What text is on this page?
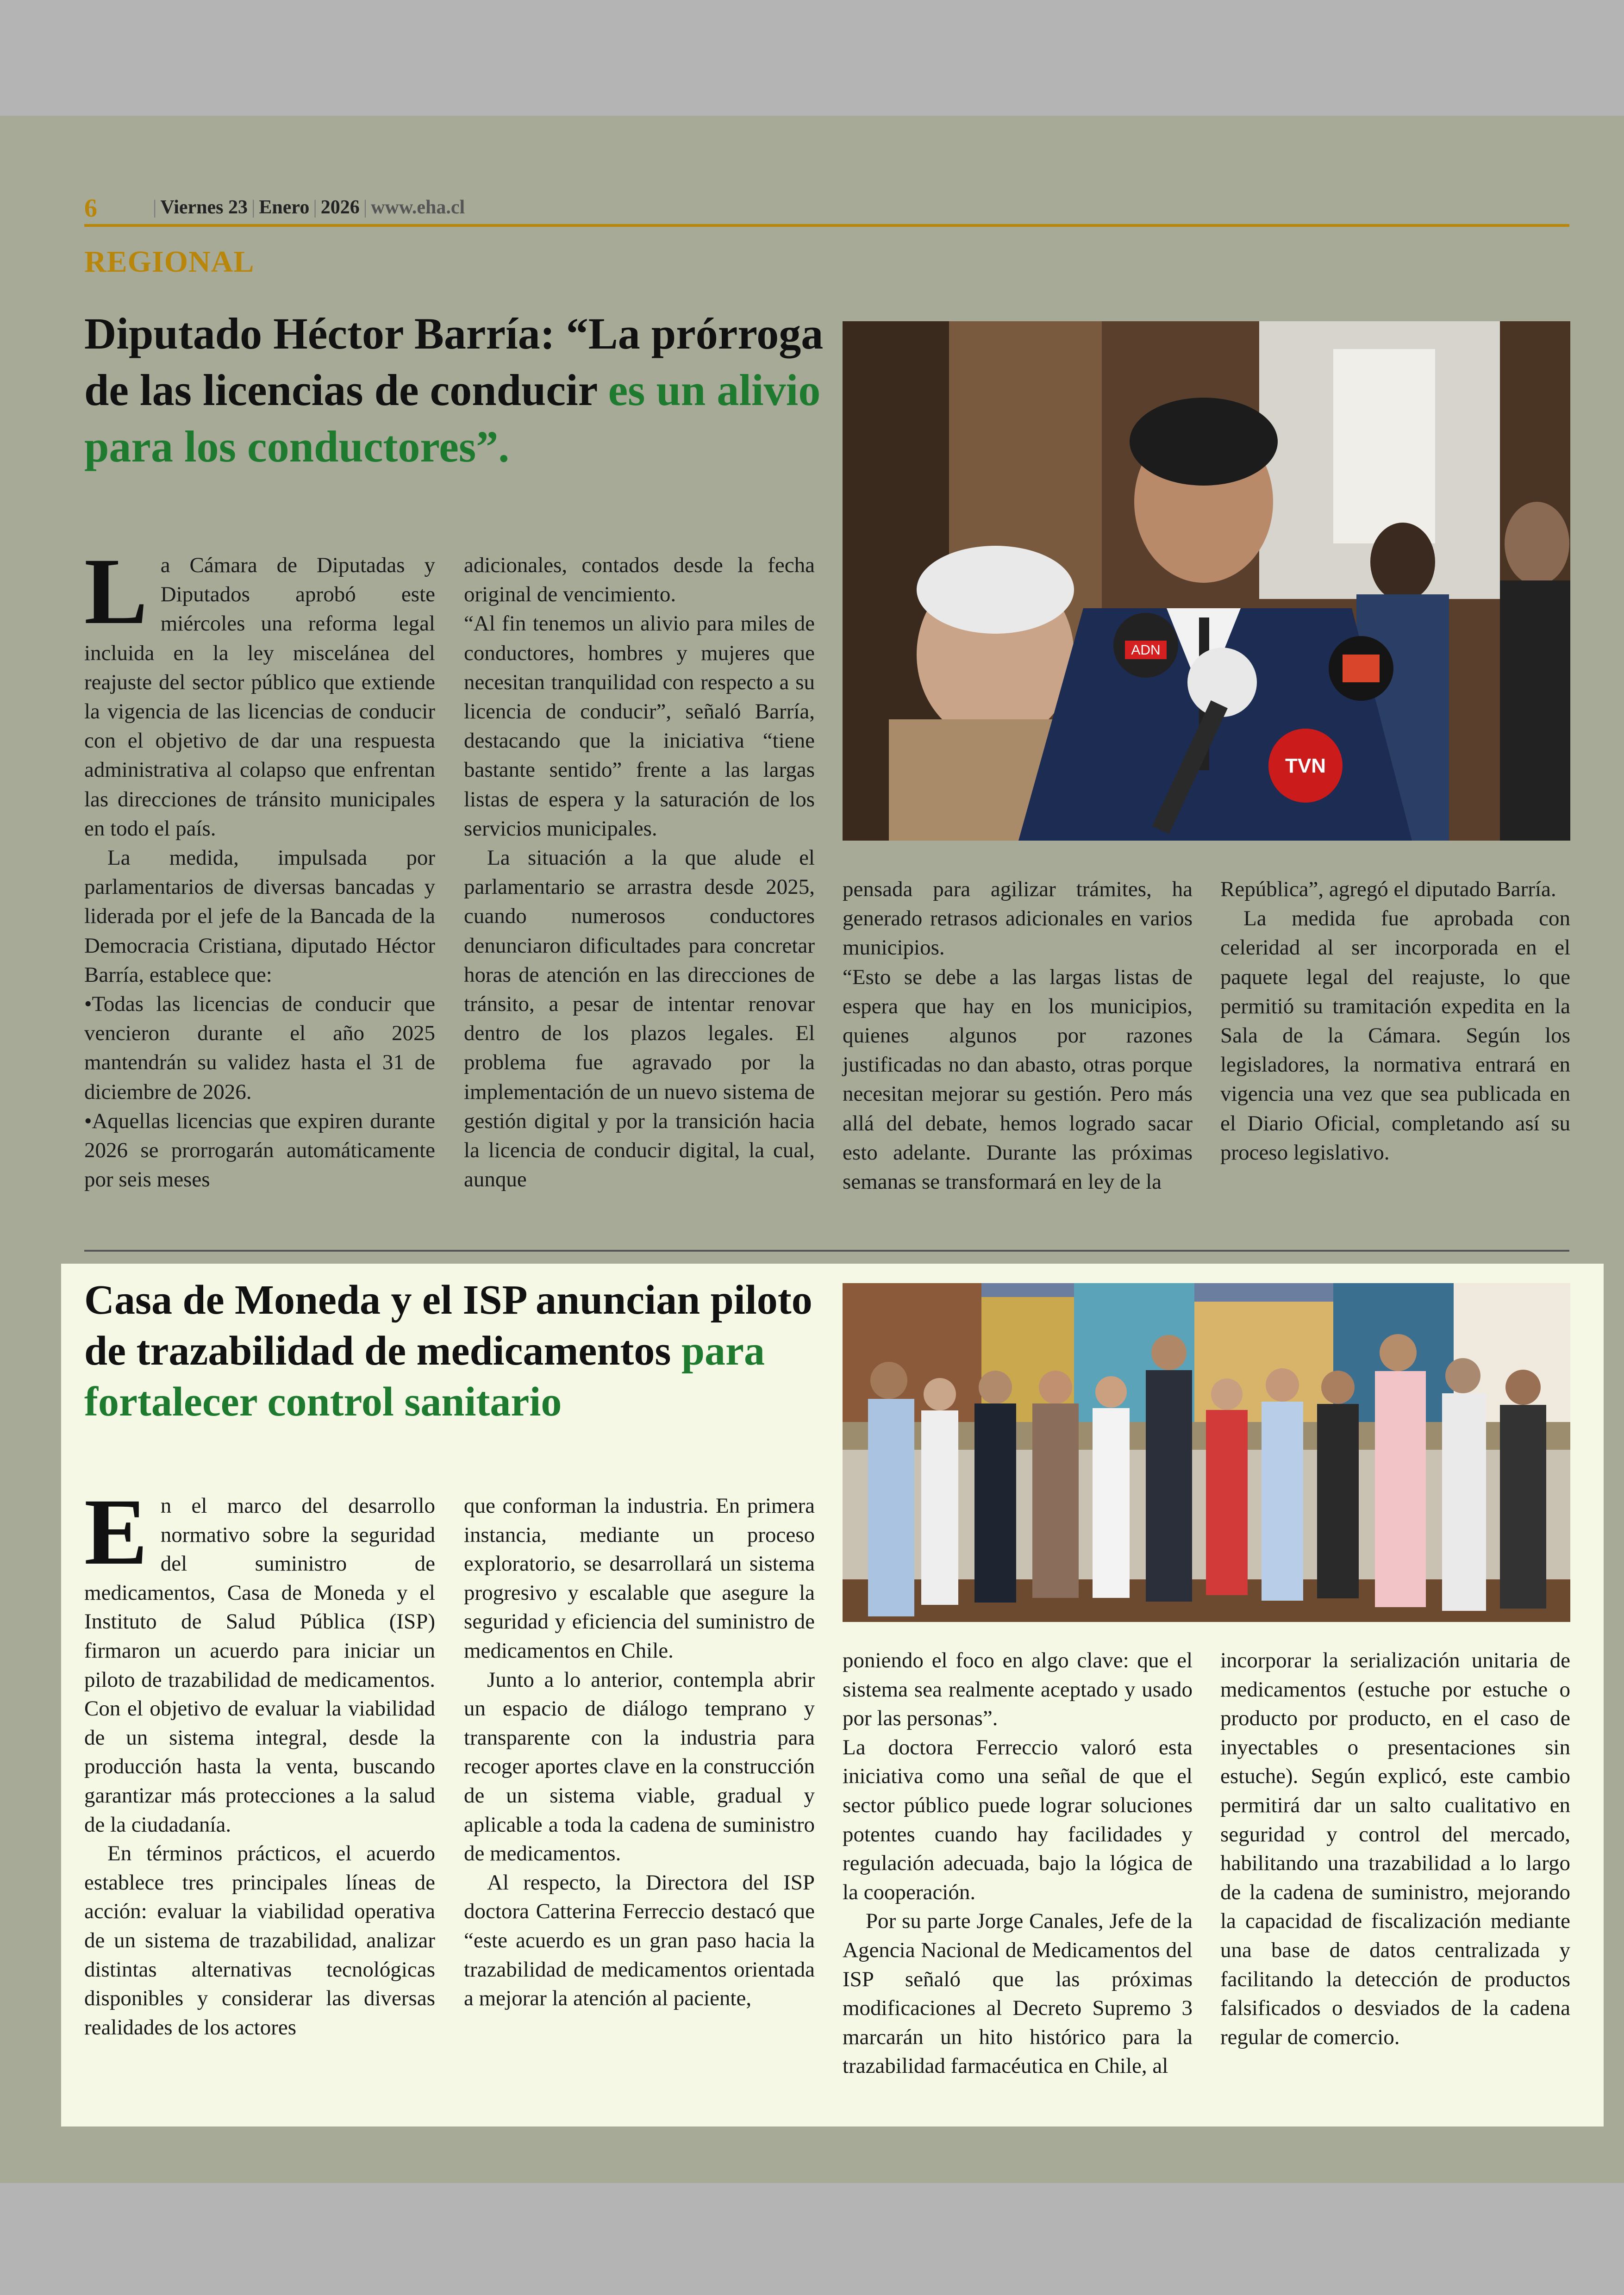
6	| Viernes 23 | Enero | 2026 | www.eha.cl
REGIONAL
Diputado Héctor Barría: “La prórroga de las licencias de conducir es un alivio para los conductores”.
ADN
TVN

La Cámara de Diputadas y Diputados aprobó este miércoles una reforma legal incluida en la ley misceláneа del reajuste del sector público que extiende la vigencia de las licencias de conducir con el objetivo de dar una respuesta administrativa al colapso que enfrentan las direcciones de tránsito municipales en todo el país.

La medida, impulsada por parlamentarios de diversas bancadas y liderada por el jefe de la Bancada de la Democracia Cristiana, diputado Héctor Barría, establece que:

•Todas las licencias de conducir que vencieron durante el año 2025 mantendrán su validez hasta el 31 de diciembre de 2026.

•Aquellas licencias que expiren durante 2026 se prorrogarán automáticamente por seis meses

adicionales, contados desde la fecha original de vencimiento.

“Al fin tenemos un alivio para miles de conductores, hombres y mujeres que necesitan tranquilidad con respecto a su licencia de conducir”, señaló Barría, destacando que la iniciativa “tiene bastante sentido” frente a las largas listas de espera y la saturación de los servicios municipales.

La situación a la que alude el parlamentario se arrastra desde 2025, cuando numerosos conductores denunciaron dificultades para concretar horas de atención en las direcciones de tránsito, a pesar de intentar renovar dentro de los plazos legales. El problema fue agravado por la implementación de un nuevo sistema de gestión digital y por la transición hacia la licencia de conducir digital, la cual, aunque

pensada para agilizar trámites, ha generado retrasos adicionales en varios municipios.

“Esto se debe a las largas listas de espera que hay en los municipios, quienes algunos por razones justificadas no dan abasto, otras porque necesitan mejorar su gestión. Pero más allá del debate, hemos logrado sacar esto adelante. Durante las próximas semanas se transformará en ley de la

República”, agregó el diputado Barría.

La medida fue aprobada con celeridad al ser incorporada en el paquete legal del reajuste, lo que permitió su tramitación expedita en la Sala de la Cámara. Según los legisladores, la normativa entrará en vigencia una vez que sea publicada en el Diario Oficial, completando así su proceso legislativo.

Casa de Moneda y el ISP anuncian piloto de trazabilidad de medicamentos para fortalecer control sanitario

En el marco del desarrollo normativo sobre la seguridad del suministro de medicamentos, Casa de Moneda y el Instituto de Salud Pública (ISP) firmaron un acuerdo para iniciar un piloto de trazabilidad de medicamentos. Con el objetivo de evaluar la viabilidad de un sistema integral, desde la producción hasta la venta, buscando garantizar más protecciones a la salud de la ciudadanía.

En términos prácticos, el acuerdo establece tres principales líneas de acción: evaluar la viabilidad operativa de un sistema de trazabilidad, analizar distintas alternativas tecnológicas disponibles y considerar las diversas realidades de los actores

que conforman la industria. En primera instancia, mediante un proceso exploratorio, se desarrollará un sistema progresivo y escalable que asegure la seguridad y eficiencia del suministro de medicamentos en Chile.

Junto a lo anterior, contempla abrir un espacio de diálogo temprano y transparente con la industria para recoger aportes clave en la construcción de un sistema viable, gradual y aplicable a toda la cadena de suministro de medicamentos.

Al respecto, la Directora del ISP doctora Catterina Ferreccio destacó que “este acuerdo es un gran paso hacia la trazabilidad de medicamentos orientada a mejorar la atención al paciente,

poniendo el foco en algo clave: que el sistema sea realmente aceptado y usado por las personas”.

La doctora Ferreccio valoró esta iniciativa como una señal de que el sector público puede lograr soluciones potentes cuando hay facilidades y regulación adecuada, bajo la lógica de la cooperación.

Por su parte Jorge Canales, Jefe de la Agencia Nacional de Medicamentos del ISP señaló que las próximas modificaciones al Decreto Supremo 3 marcarán un hito histórico para la trazabilidad farmacéutica en Chile, al

incorporar la serialización unitaria de medicamentos (estuche por estuche o producto por producto, en el caso de inyectables o presentaciones sin estuche). Según explicó, este cambio permitirá dar un salto cualitativo en seguridad y control del mercado, habilitando una trazabilidad a lo largo de la cadena de suministro, mejorando la capacidad de fiscalización mediante una base de datos centralizada y facilitando la detección de productos falsificados o desviados de la cadena regular de comercio.
